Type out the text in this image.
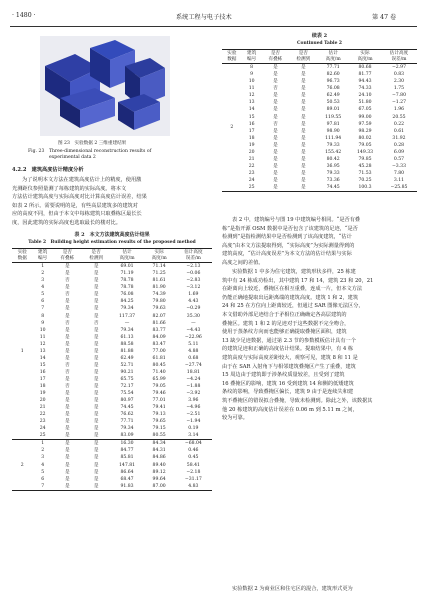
· 1480 ·	系统工程与电子技术	第 47 卷
图 23　实验数据 2 三维重建结果
Fig. 23　Three-dimensional reconstruction results of
experimental data 2
4.2.2　建筑高度估计精度分析
为了说明本文方法在建筑高度估计上的精度，使用激
光测距仪参照量测了每栋建筑的实际高度。将本文
方法估计建筑高度与实际高度对比计算高度估计误差，结果
如表 2 所示。需要说明的是，有些高层建筑多的建筑对
应的高度不同，但由于本文中每栋建筑只取叠栋区最长长
度，因此建筑的实际高度也选取最长的楼对比。
表 2　本文方法建筑高度估计结果
Table 2　Building height estimation results of the proposed method
实验
数据	建筑
编号	是否
有叠栋	是否
检测到	估计
高度/m	实际
高度/m	估计高度
误差/m
1	1	是	是	69.01	71.14	−2.13
	2	是	是	71.19	71.25	−0.06
	3	否	是	78.78	81.61	−2.83
	4	是	是	78.78	81.90	−3.12
	5	否	是	76.08	74.39	1.69
	6	是	是	84.25	79.80	4.43
	7	是	是	79.34	79.63	−0.29
	8	是	是	117.37	82.07	35.30
	9	否	否	—	81.66	—
	10	是	是	79.34	83.77	−4.43
	11	是	是	61.13	84.09	−22.96
	12	是	是	88.58	83.47	5.11
	13	是	是	81.88	77.00	4.88
	14	是	是	62.49	61.81	0.68
	15	否	是	52.71	80.45	−27.74
	16	否	是	90.21	71.40	18.81
	17	是	是	65.75	65.99	−4.24
	18	否	是	72.17	79.05	−1.88
	19	是	是	75.54	79.46	−3.92
	20	是	是	80.97	77.01	3.96
	21	是	是	74.45	79.41	−4.96
	22	是	是	76.62	79.13	−2.51
	23	是	是	77.71	79.65	−1.94
	24	是	是	79.34	79.15	0.19
	25	是	是	83.09	80.55	3.14
2	1	是	是	16.30	84.34	−68.04
	2	是	是	84.77	84.31	0.46
	3	是	是	85.81	84.86	0.45
	4	是	是	147.81	89.40	58.41
	5	是	是	86.64	89.12	−2.18
	6	是	是	68.47	99.64	−31.17
	7	是	是	91.83	87.00	4.83
续表 2
Continued Table 2
实验
数据	建筑
编号	是否
有叠栋	是否
检测到	估计
高度/m	实际
高度/m	估计高度
误差/m
2	8	是	是	77.71	80.68	−2.97
	9	是	是	82.60	81.77	0.83
	10	是	是	96.73	94.43	2.30
	11	否	是	76.08	74.33	1.75
	12	是	是	62.49	24.10	−7.80
	13	是	是	50.53	51.80	−1.27
	14	是	是	89.01	67.05	1.96
	15	是	是	119.55	99.00	20.55
	16	否	是	97.81	97.59	0.22
	17	是	是	98.90	98.29	0.61
	18	是	是	111.94	80.02	31.92
	19	是	是	79.33	79.05	0.28
	20	是	是	155.42	149.33	6.09
	21	是	是	80.42	79.85	0.57
	22	是	是	36.95	45.28	−3.33
	23	是	是	79.33	71.53	7.80
	24	是	是	73.36	70.25	3.11
	25	是	是	74.45	100.3	−25.85
表 2 中，建筑编号与图 19 中建筑编号相同。“是否有叠
栋”是指开源 OSM 数据中是否包含了该建筑的足迹，“是否
检测到”是指检测结果中是否检测到了该高度建筑，“估计
高度”由本文方法提取得到，“实际高度”为实际测量得到的
建筑高度，“估计高度误差”为本文方法的估计结果与实际
高度之间的差值。
实验数据 1 中多为住宅建筑，建筑形状多样，25 栋建
筑中有 24 栋成功检出，其中建筑 17 和 14，建筑 23 和 20，21
在距离向上较近，叠掩区在相互重叠，连成一片，但本文方法
仍能正确地提取出远距离端的建筑高度。建筑 1 和 2，建筑
24 和 25 在方位向上距离较近，但通过 SAR 图像无法区分，
本文借助外部足迹结合于矛相位正确确定各高层建筑的
叠掩区。建筑 1 和 2 的足迹对于这些数据不完全吻合，
使用于蒸条纹方向而也能够正确提取叠掩区面积，建筑
13 缺少足迹数据，通过第 2.3 节的参数模板估计具有一个
的建筑足迹和正确的高度估计结果。提取结果中，有 4 栋
建筑高度与实际高度差距较大，观察可见，建筑 8 和 11 是
由于在 SAR 入射角下与相邻建筑叠掩区产生了重叠，建筑
15 周边由于建筑即于涉条纹质量较差，且受到了建筑
16 叠掩区的影响，建筑 16 受到建筑 14 和侧的低矮建筑
条纹的影响，导致叠掩区偏长，建筑 9 由于是连续失和建
筑不叠掩区的错误拟合叠掩，导致未检测到。除此之外，该数据其
他 20 栋建筑的高度估计误差在 0.06 m 到 5.11 m 之间，
较为可靠。
实验数据 2 为商业区和住宅区的混合，建筑形式更为
